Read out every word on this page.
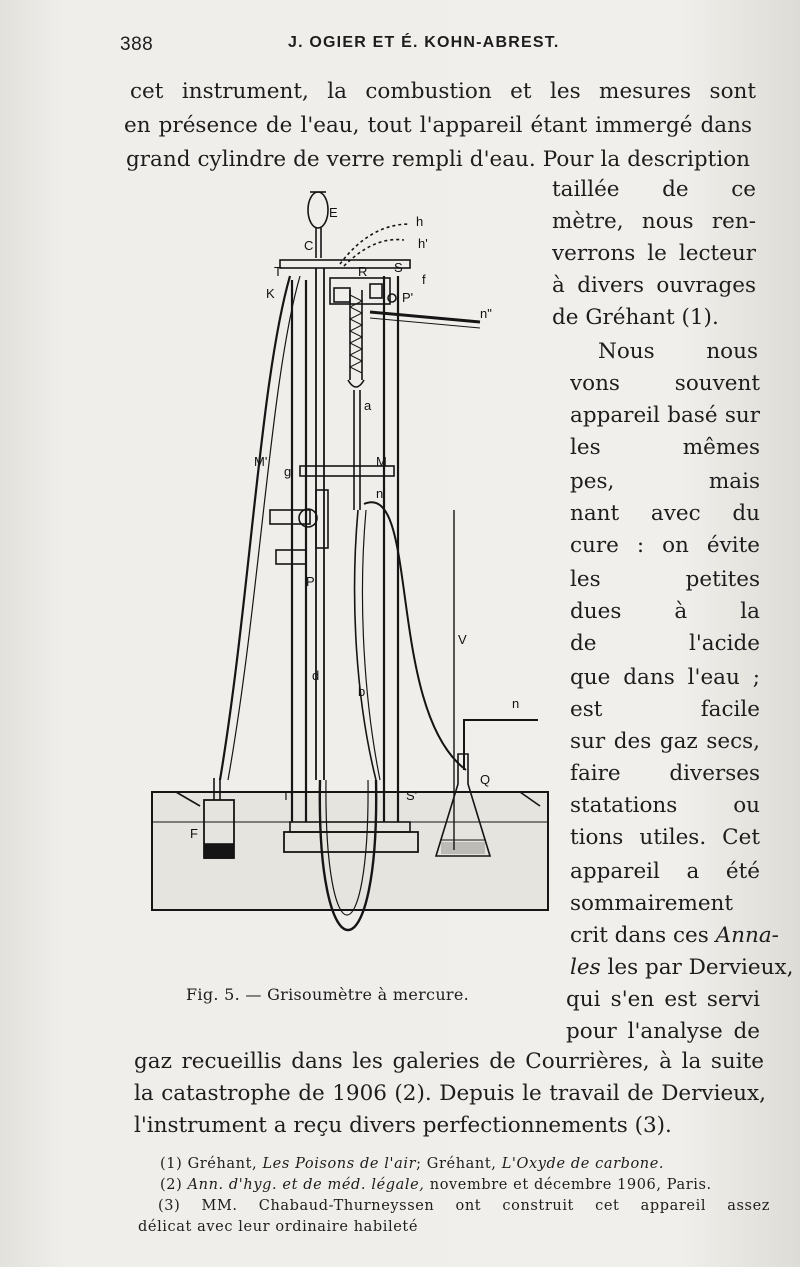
388	J. OGIER ET É. KOHN-ABREST.
cet instrument, la combustion et les mesures sont
en présence de l'eau, tout l'appareil étant immergé dans
grand cylindre de verre rempli d'eau. Pour la description
taillée de ce
mètre, nous ren-
verrons le lecteur
à divers ouvrages
de Gréhant (1).
Nous nous
vons souvent
appareil basé sur
les mêmes
pes, mais
nant avec du
cure : on évite
les petites
dues à la
de l'acide
que dans l'eau ;
est facile
sur des gaz secs,
faire diverses
statations ou
tions utiles. Cet
appareil a été
sommairement
crit dans ces Anna-
les les par Dervieux,
qui s'en est servi
pour l'analyse de
gaz recueillis dans les galeries de Courrières, à la suite
la catastrophe de 1906 (2). Depuis le travail de Dervieux,
l'instrument a reçu divers perfectionnements (3).
E
C
h
h'
T
K
R S
f
P'
n"
a
M'
g
M
n'
P
V
d
b
n
Q
T'	S'
F
Fig. 5. — Grisoumètre à mercure.
(1) Gréhant, Les Poisons de l'air; Gréhant, L'Oxyde de carbone.
(2) Ann. d'hyg. et de méd. légale, novembre et décembre 1906, Paris.
(3) MM. Chabaud-Thurneyssen ont construit cet appareil assez
délicat avec leur ordinaire habileté
